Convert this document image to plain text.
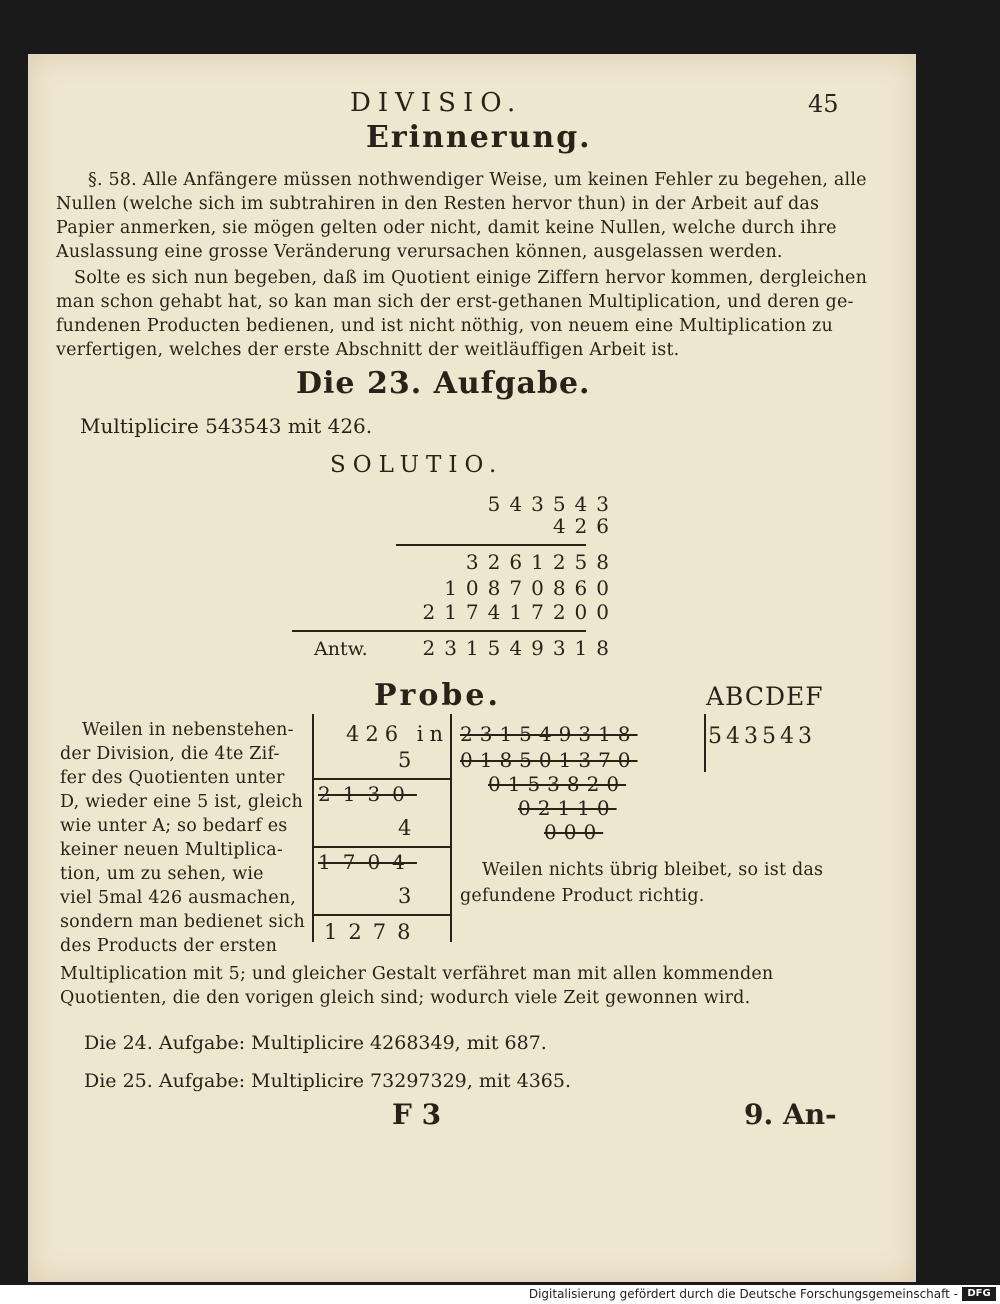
DIVISIO.	45
Erinnerung.
§. 58. Alle Anfängere müssen nothwendiger Weise, um keinen Fehler zu begehen, alle
Nullen (welche sich im subtrahiren in den Resten hervor thun) in der Arbeit auf das
Papier anmerken, sie mögen gelten oder nicht, damit keine Nullen, welche durch ihre
Auslassung eine grosse Veränderung verursachen können, ausgelassen werden.
Solte es sich nun begeben, daß im Quotient einige Ziffern hervor kommen, dergleichen
man schon gehabt hat, so kan man sich der erst-gethanen Multiplication, und deren ge-
fundenen Producten bedienen, und ist nicht nöthig, von neuem eine Multiplication zu
verfertigen, welches der erste Abschnitt der weitläuffigen Arbeit ist.
Die 23. Aufgabe.
Multiplicire 543543 mit 426.
SOLUTIO.
543543
426
3261258
10870860
217417200
Antw.	231549318
Probe.	ABCDEF
543543
Weilen in nebenstehen-
der Division, die 4te Zif-
fer des Quotienten unter
D, wieder eine 5 ist, gleich
wie unter A; so bedarf es
keiner neuen Multiplica-
tion, um zu sehen, wie
viel 5mal 426 ausmachen,
sondern man bedienet sich
des Products der ersten
426 in
5
2130
4
1704
3
1278
231549318
018501370
0153820
02110
000
Weilen nichts übrig bleibet, so ist das
gefundene Product richtig.
Multiplication mit 5; und gleicher Gestalt verfähret man mit allen kommenden
Quotienten, die den vorigen gleich sind; wodurch viele Zeit gewonnen wird.
Die 24. Aufgabe: Multiplicire 4268349, mit 687.
Die 25. Aufgabe: Multiplicire 73297329, mit 4365.
F 3	9. An-
Digitalisierung gefördert durch die Deutsche Forschungsgemeinschaft - DFG
